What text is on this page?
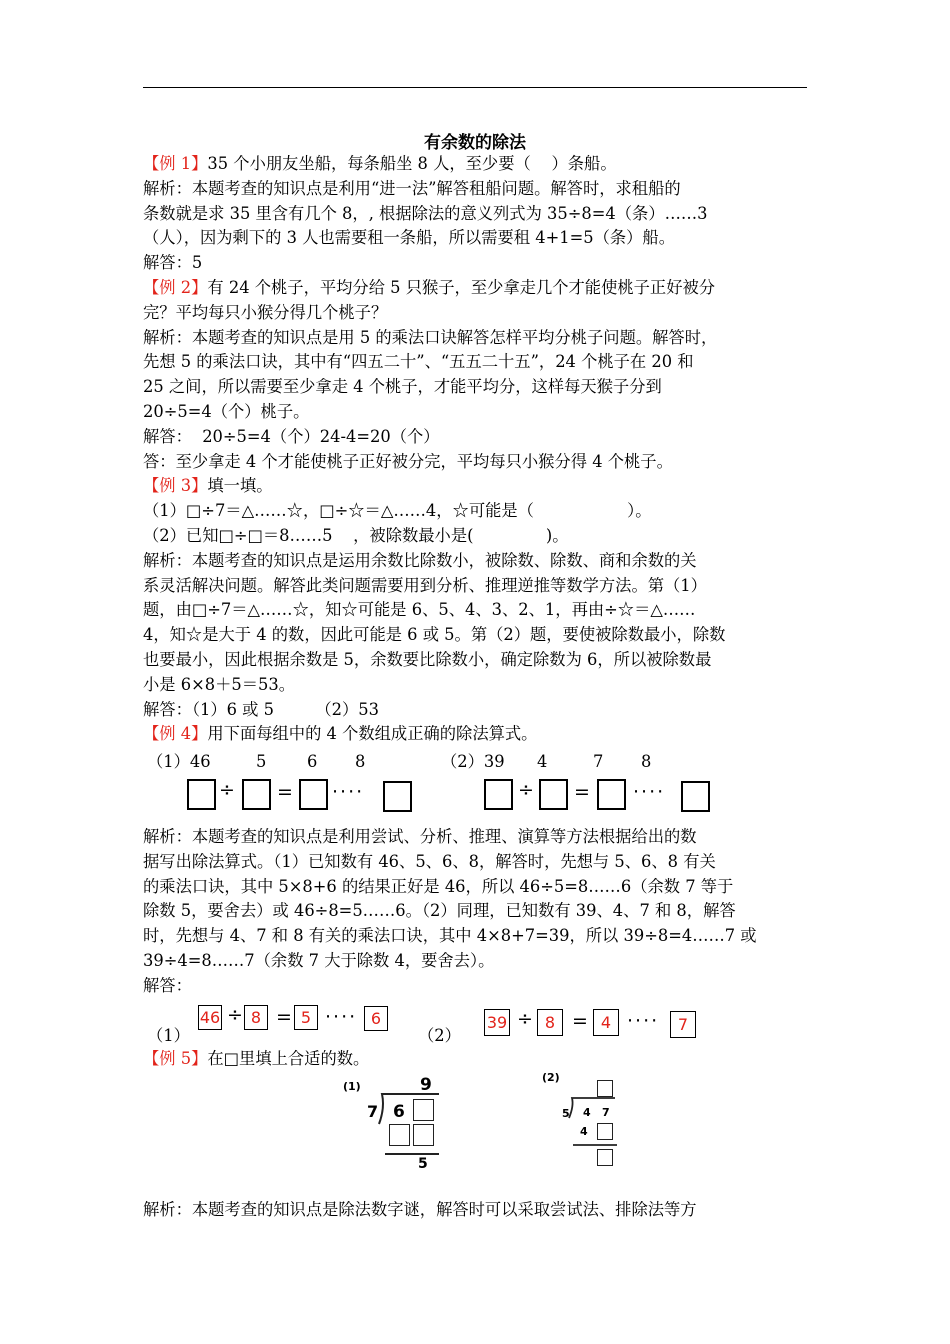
有余数的除法
【例 1】35 个小朋友坐船，每条船坐 8 人，至少要（    ）条船。
解析：本题考查的知识点是利用“进一法”解答租船问题。解答时，求租船的
条数就是求 35 里含有几个 8，, 根据除法的意义列式为 35÷8=4（条）……3
（人），因为剩下的 3 人也需要租一条船，所以需要租 4+1=5（条）船。
解答：5
【例 2】有 24 个桃子，平均分给 5 只猴子，至少拿走几个才能使桃子正好被分
完？平均每只小猴分得几个桃子？
解析：本题考查的知识点是用 5 的乘法口诀解答怎样平均分桃子问题。解答时，
先想 5 的乘法口诀，其中有“四五二十”、“五五二十五”，24 个桃子在 20 和
25 之间，所以需要至少拿走 4 个桃子，才能平均分，这样每天猴子分到
20÷5=4（个）桃子。
解答：  20÷5=4（个）24-4=20（个）
答：至少拿走 4 个才能使桃子正好被分完，平均每只小猴分得 4 个桃子。
【例 3】填一填。
（1）□÷7＝△……☆，□÷☆＝△……4，☆可能是（                  ）。
（2）已知□÷□＝8……5    ，被除数最小是(              )。
解析：本题考查的知识点是运用余数比除数小，被除数、除数、商和余数的关
系灵活解决问题。解答此类问题需要用到分析、推理逆推等数学方法。第（1）
题，由□÷7＝△……☆，知☆可能是 6、5、4、3、2、1，再由÷☆＝△……
4，知☆是大于 4 的数，因此可能是 6 或 5。第（2）题，要使被除数最小，除数
也要最小，因此根据余数是 5，余数要比除数小，确定除数为 6，所以被除数最
小是 6×8＋5＝53。
解答：（1）6 或 5        （2）53
【例 4】用下面每组中的 4 个数组成正确的除法算式。
（1）46	5 6 8	（2）39 4	7 8
÷ = ····	÷ = ····
解析：本题考查的知识点是利用尝试、分析、推理、演算等方法根据给出的数
据写出除法算式。（1）已知数有 46、5、6、8，解答时，先想与 5、6、8 有关
的乘法口诀，其中 5×8+6 的结果正好是 46，所以 46÷5=8……6（余数 7 等于
除数 5，要舍去）或 46÷8=5……6。（2）同理，已知数有 39、4、7 和 8，解答
时，先想与 4、7 和 8 有关的乘法口诀，其中 4×8+7=39，所以 39÷8=4……7 或
39÷4=8……7（余数 7 大于除数 4，要舍去）。
解答：
（1）
46 ÷ 8 = 5 ···· 6
（2）
39 ÷ 8 = 4 ····	7
【例 5】在□里填上合适的数。
(1)	9
7 6
5
(2)
5 4 7
4
解析：本题考查的知识点是除法数字谜，解答时可以采取尝试法、排除法等方
